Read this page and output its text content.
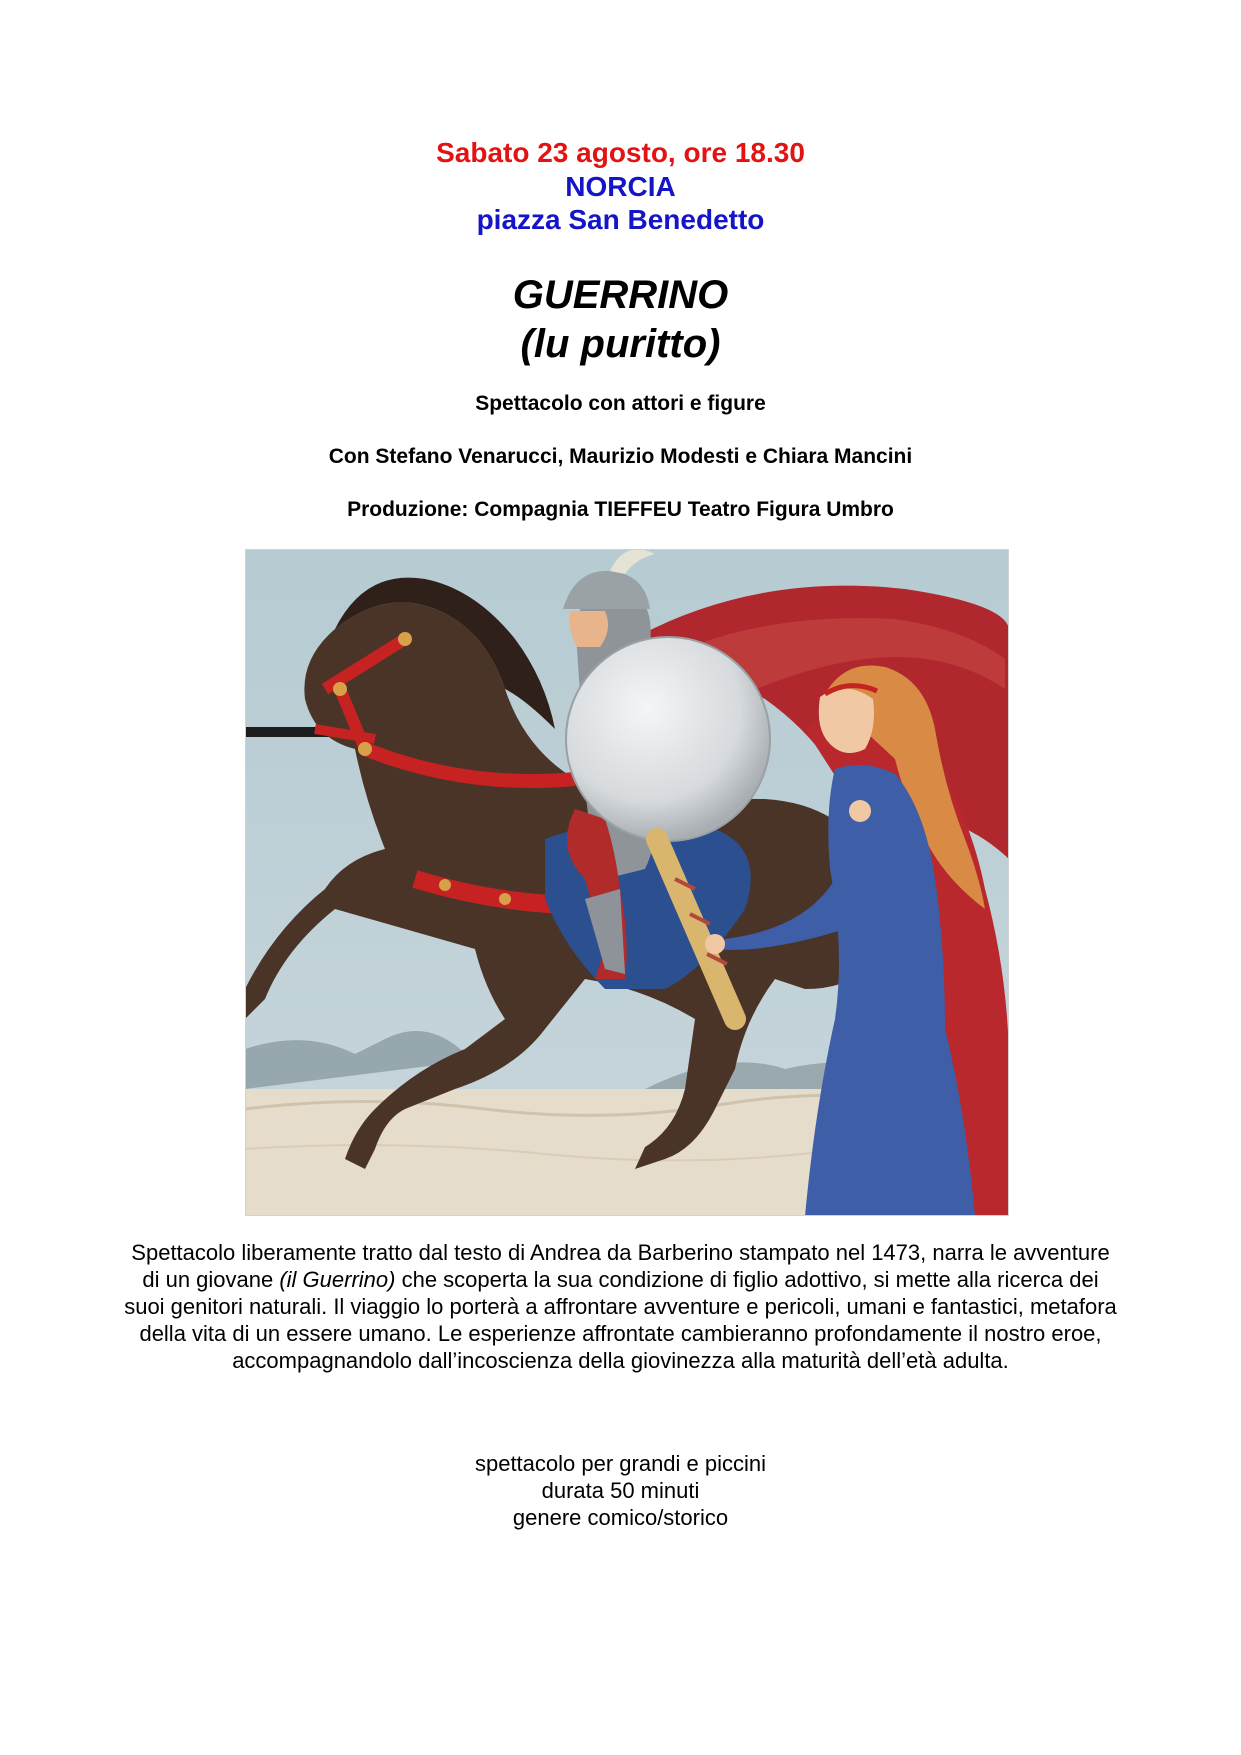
Sabato 23 agosto, ore 18.30
NORCIA
piazza San Benedetto
GUERRINO
(lu puritto)
Spettacolo con attori e figure
Con Stefano Venarucci, Maurizio Modesti e Chiara Mancini
Produzione: Compagnia TIEFFEU Teatro Figura Umbro
Spettacolo liberamente tratto dal testo di Andrea da Barberino stampato nel 1473, narra le avventure di un giovane (il Guerrino) che scoperta la sua condizione di figlio adottivo, si mette alla ricerca dei suoi genitori naturali. Il viaggio lo porterà a affrontare avventure e pericoli, umani e fantastici, metafora della vita di un essere umano. Le esperienze affrontate cambieranno profondamente il nostro eroe, accompagnandolo dall’incoscienza della giovinezza alla maturità dell’età adulta.
spettacolo per grandi e piccini
durata 50 minuti
genere comico/storico
